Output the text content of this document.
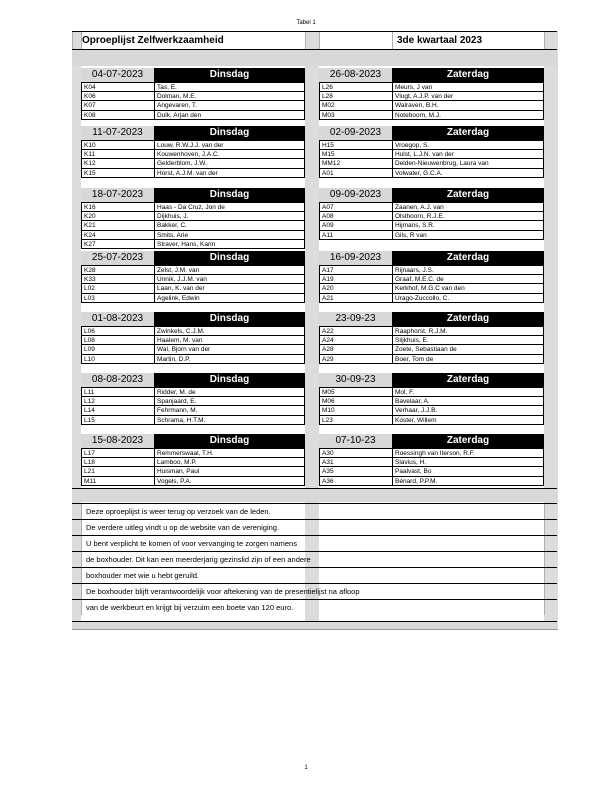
Tabel 1
Oproeplijst Zelfwerkzaamheid	3de kwartaal 2023
04-07-2023	Dinsdag	26-08-2023	Zaterdag
K04	Tas, E.	L26	Meurs, J van
K06	Dolman, M.E.	L28	Vlugt, A.J.P. van der
K07	Angevaren, T.	M02	Walraven, B.H.
K08	Dulk, Arjan den	M03	Noteboom, M.J.
11-07-2023	Dinsdag	02-09-2023	Zaterdag
K10	Louw, R.W.J.J. van der	H15	Vroegop, S.
K11	Kouwenhoven, J.A.C.	M15	Hulst, L.J.N. van der
K12	Gelderblom, J.W.	MM12	Delden-Nieuwenbrug, Laura van
K15	Horst, A.J.M. van der	A01	Volwater, G.C.A.
18-07-2023	Dinsdag	09-09-2023	Zaterdag
K16	Haas - Da Cruz, Jon de	A07	Zaanen, A.J. van
K20	Dijkhuis, J.	A08	Olsthoorn, R.J.E.
K21	Bakker, C.	A09	Hijmans, S.R.
K24	Smits, Arie	A11	Gils, R van
K27	Straver, Hans, Karin
25-07-2023	Dinsdag	16-09-2023	Zaterdag
K28	Zelst, J.M. van	A17	Rijnaars, J.S.
K33	Unnik, J.J.M. van	A19	Graaf, M.E.C. de
L02	Laan, K. van der	A20	Kerkhof, M.G.C van den
L03	Agelink, Edwin	A21	Urago-Zuccollo, C.
01-08-2023	Dinsdag	23-09-23	Zaterdag
L06	Zwinkels, C.J.M.	A22	Raaphorst, R.J.M.
L08	Haalem, M. van	A24	Slijkhuis, E.
L09	Wal, Bjorn van der	A28	Zoete, Sebastiaan de
L10	Martin, D.P.	A29	Boer, Tom de
08-08-2023	Dinsdag	30-09-23	Zaterdag
L11	Ridder, M. de	M05	Mol, F.
L12	Spanjaard, E.	M06	Bavelaar, A.
L14	Fehrmann, M.	M10	Verhaar, J.J.B.
L15	Schrama, H.T.M.	L23	Koster, Willem
15-08-2023	Dinsdag	07-10-23	Zaterdag
L17	Remmerswaal, T.H.	A30	Roessingh van Iterson, R.F.
L18	Lamboo, M.P.	A31	Slavius, H.
L21	Huisman, Paul	A35	Paalvast, Bo
M11	Vogels, P.A.	A36	Bénard, P.P.M.
Deze oproeplijst is weer terug op verzoek van de leden.
De verdere uitleg vindt u op de website van de vereniging.
U bent verplicht te komen of voor vervanging te zorgen namens
de boxhouder. Dit kan een meerderjarig gezinslid zijn of een andere
boxhouder met wie u hebt geruild.
De boxhouder blijft verantwoordelijk voor aftekening van de presentielijst na afloop
van de werkbeurt en krijgt bij verzuim een boete van 120 euro.
1
